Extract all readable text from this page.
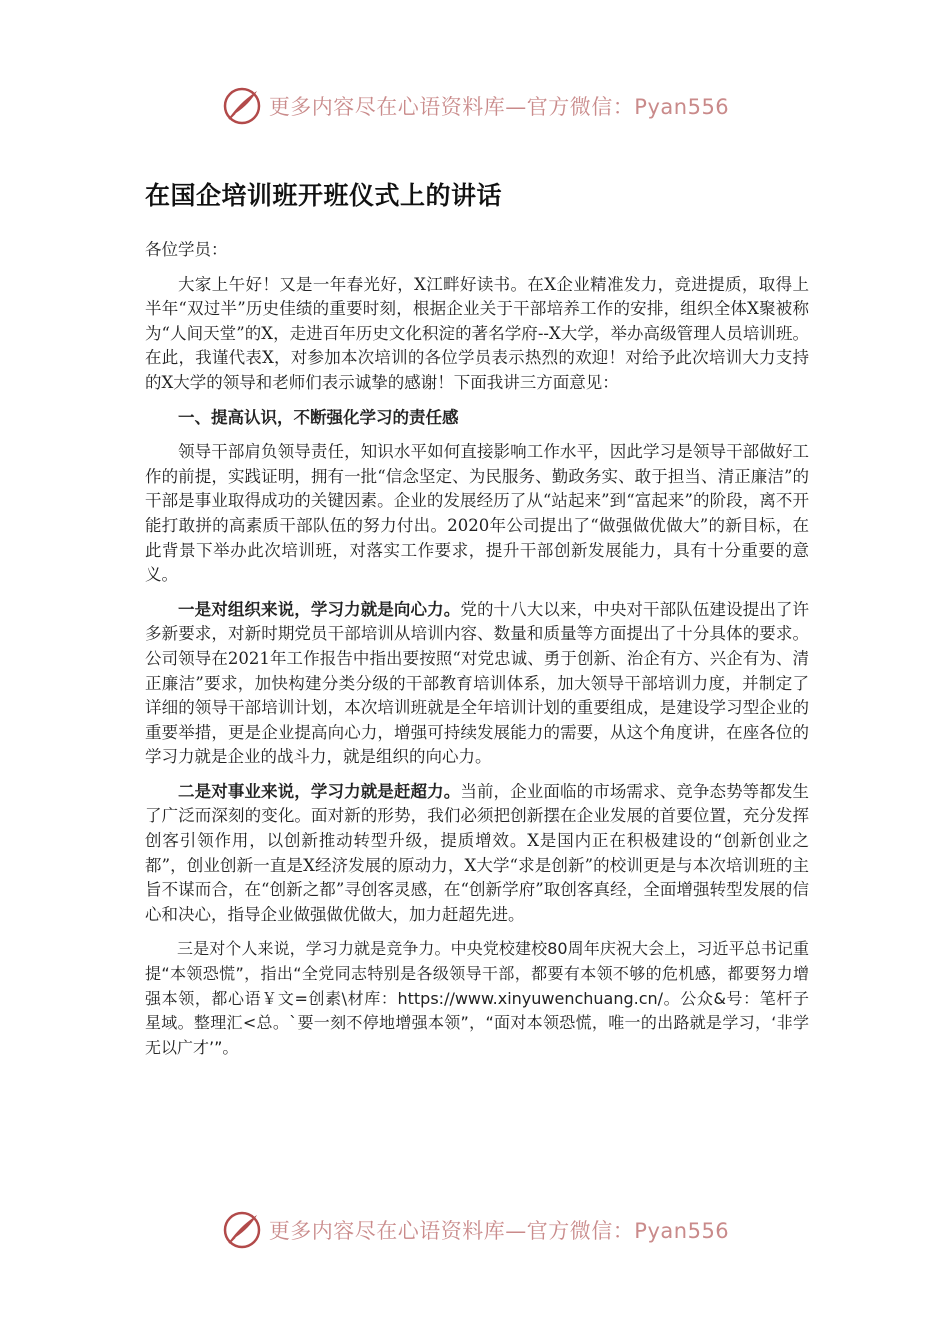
更多内容尽在心语资料库—官方微信：Pyan556
在国企培训班开班仪式上的讲话

各位学员：

大家上午好！又是一年春光好，X江畔好读书。在X企业精准发力，竞进提质，取得上半年“双过半”历史佳绩的重要时刻，根据企业关于干部培养工作的安排，组织全体X聚被称为“人间天堂”的X，走进百年历史文化积淀的著名学府--X大学，举办高级管理人员培训班。在此，我谨代表X，对参加本次培训的各位学员表示热烈的欢迎！对给予此次培训大力支持的X大学的领导和老师们表示诚挚的感谢！下面我讲三方面意见：

一、提高认识，不断强化学习的责任感

领导干部肩负领导责任，知识水平如何直接影响工作水平，因此学习是领导干部做好工作的前提，实践证明，拥有一批“信念坚定、为民服务、勤政务实、敢于担当、清正廉洁”的干部是事业取得成功的关键因素。企业的发展经历了从“站起来”到“富起来”的阶段，离不开能打敢拼的高素质干部队伍的努力付出。2020年公司提出了“做强做优做大”的新目标，在此背景下举办此次培训班，对落实工作要求，提升干部创新发展能力，具有十分重要的意义。

一是对组织来说，学习力就是向心力。党的十八大以来，中央对干部队伍建设提出了许多新要求，对新时期党员干部培训从培训内容、数量和质量等方面提出了十分具体的要求。公司领导在2021年工作报告中指出要按照“对党忠诚、勇于创新、治企有方、兴企有为、清正廉洁”要求，加快构建分类分级的干部教育培训体系，加大领导干部培训力度，并制定了详细的领导干部培训计划，本次培训班就是全年培训计划的重要组成，是建设学习型企业的重要举措，更是企业提高向心力，增强可持续发展能力的需要，从这个角度讲，在座各位的学习力就是企业的战斗力，就是组织的向心力。

二是对事业来说，学习力就是赶超力。当前，企业面临的市场需求、竞争态势等都发生了广泛而深刻的变化。面对新的形势，我们必须把创新摆在企业发展的首要位置，充分发挥创客引领作用，以创新推动转型升级，提质增效。X是国内正在积极建设的“创新创业之都”，创业创新一直是X经济发展的原动力，X大学“求是创新”的校训更是与本次培训班的主旨不谋而合，在“创新之都”寻创客灵感，在“创新学府”取创客真经，全面增强转型发展的信心和决心，指导企业做强做优做大，加力赶超先进。

三是对个人来说，学习力就是竞争力。中央党校建校80周年庆祝大会上，习近平总书记重提“本领恐慌”，指出“全党同志特别是各级领导干部，都要有本领不够的危机感，都要努力增强本领，都心语￥文=创素\材库：https://www.xinyuwenchuang.cn/。公众&号：笔杆子星域。整理汇<总。`要一刻不停地增强本领”，“面对本领恐慌，唯一的出路就是学习，‘非学无以广才’”。

更多内容尽在心语资料库—官方微信：Pyan556
